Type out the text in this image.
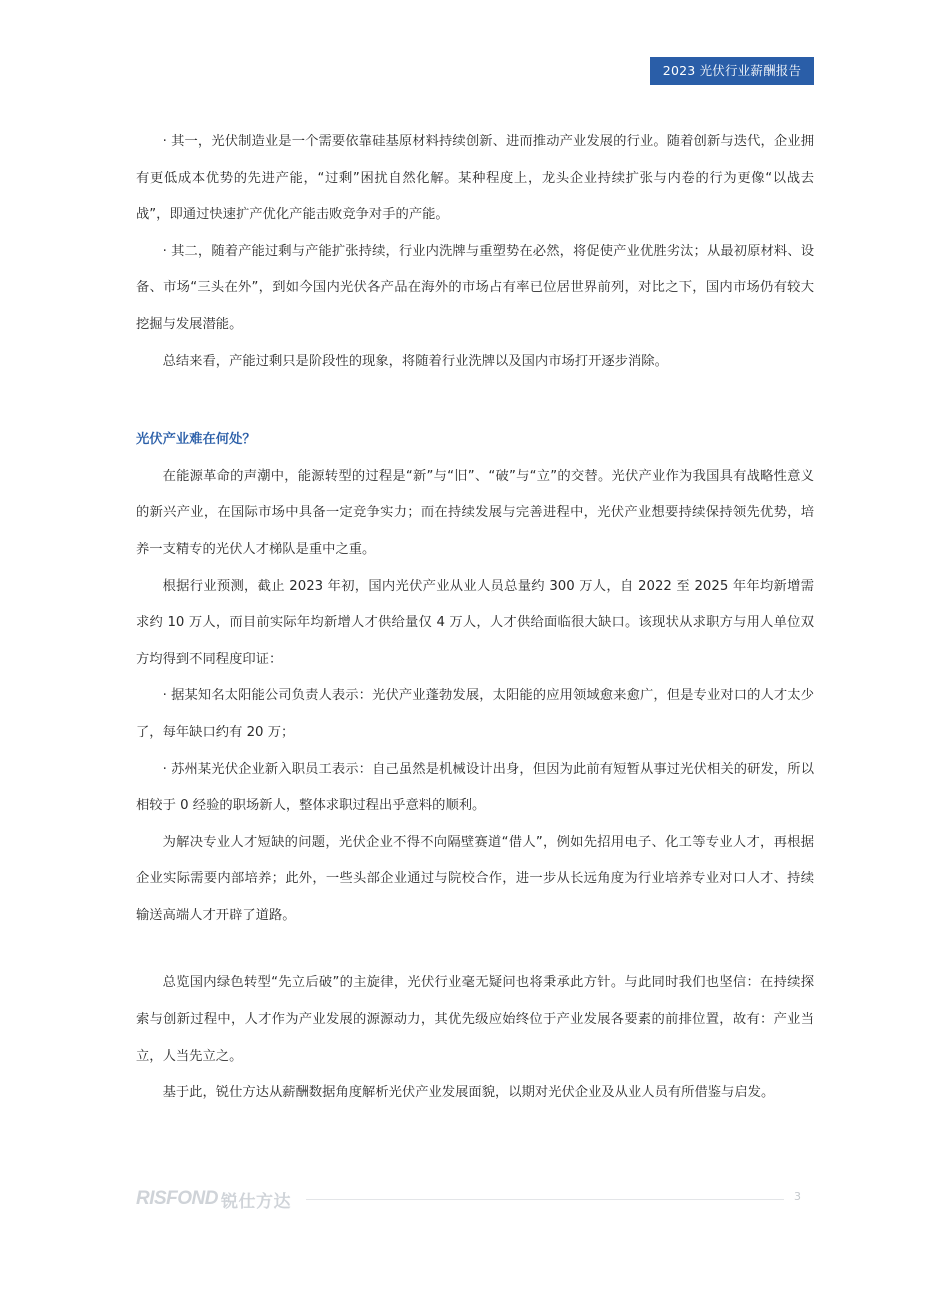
2023 光伏行业薪酬报告

· 其一，光伏制造业是一个需要依靠硅基原材料持续创新、进而推动产业发展的行业。随着创新与迭代，企业拥有更低成本优势的先进产能，“过剩”困扰自然化解。某种程度上，龙头企业持续扩张与内卷的行为更像“以战去战”，即通过快速扩产优化产能击败竞争对手的产能。

· 其二，随着产能过剩与产能扩张持续，行业内洗牌与重塑势在必然，将促使产业优胜劣汰；从最初原材料、设备、市场“三头在外”，到如今国内光伏各产品在海外的市场占有率已位居世界前列，对比之下，国内市场仍有较大挖掘与发展潜能。

总结来看，产能过剩只是阶段性的现象，将随着行业洗牌以及国内市场打开逐步消除。

光伏产业难在何处？

在能源革命的声潮中，能源转型的过程是“新”与“旧”、“破”与“立”的交替。光伏产业作为我国具有战略性意义的新兴产业，在国际市场中具备一定竞争实力；而在持续发展与完善进程中，光伏产业想要持续保持领先优势，培养一支精专的光伏人才梯队是重中之重。

根据行业预测，截止 2023 年初，国内光伏产业从业人员总量约 300 万人，自 2022 至 2025 年年均新增需求约 10 万人，而目前实际年均新增人才供给量仅 4 万人，人才供给面临很大缺口。该现状从求职方与用人单位双方均得到不同程度印证：

· 据某知名太阳能公司负责人表示：光伏产业蓬勃发展，太阳能的应用领域愈来愈广，但是专业对口的人才太少了，每年缺口约有 20 万；

· 苏州某光伏企业新入职员工表示：自己虽然是机械设计出身，但因为此前有短暂从事过光伏相关的研发，所以相较于 0 经验的职场新人，整体求职过程出乎意料的顺利。

为解决专业人才短缺的问题，光伏企业不得不向隔壁赛道“借人”，例如先招用电子、化工等专业人才，再根据企业实际需要内部培养；此外，一些头部企业通过与院校合作，进一步从长远角度为行业培养专业对口人才、持续输送高端人才开辟了道路。

总览国内绿色转型“先立后破”的主旋律，光伏行业毫无疑问也将秉承此方针。与此同时我们也坚信：在持续探索与创新过程中，人才作为产业发展的源源动力，其优先级应始终位于产业发展各要素的前排位置，故有：产业当立，人当先立之。

基于此，锐仕方达从薪酬数据角度解析光伏产业发展面貌，以期对光伏企业及从业人员有所借鉴与启发。

RISFOND 锐仕方达	3
